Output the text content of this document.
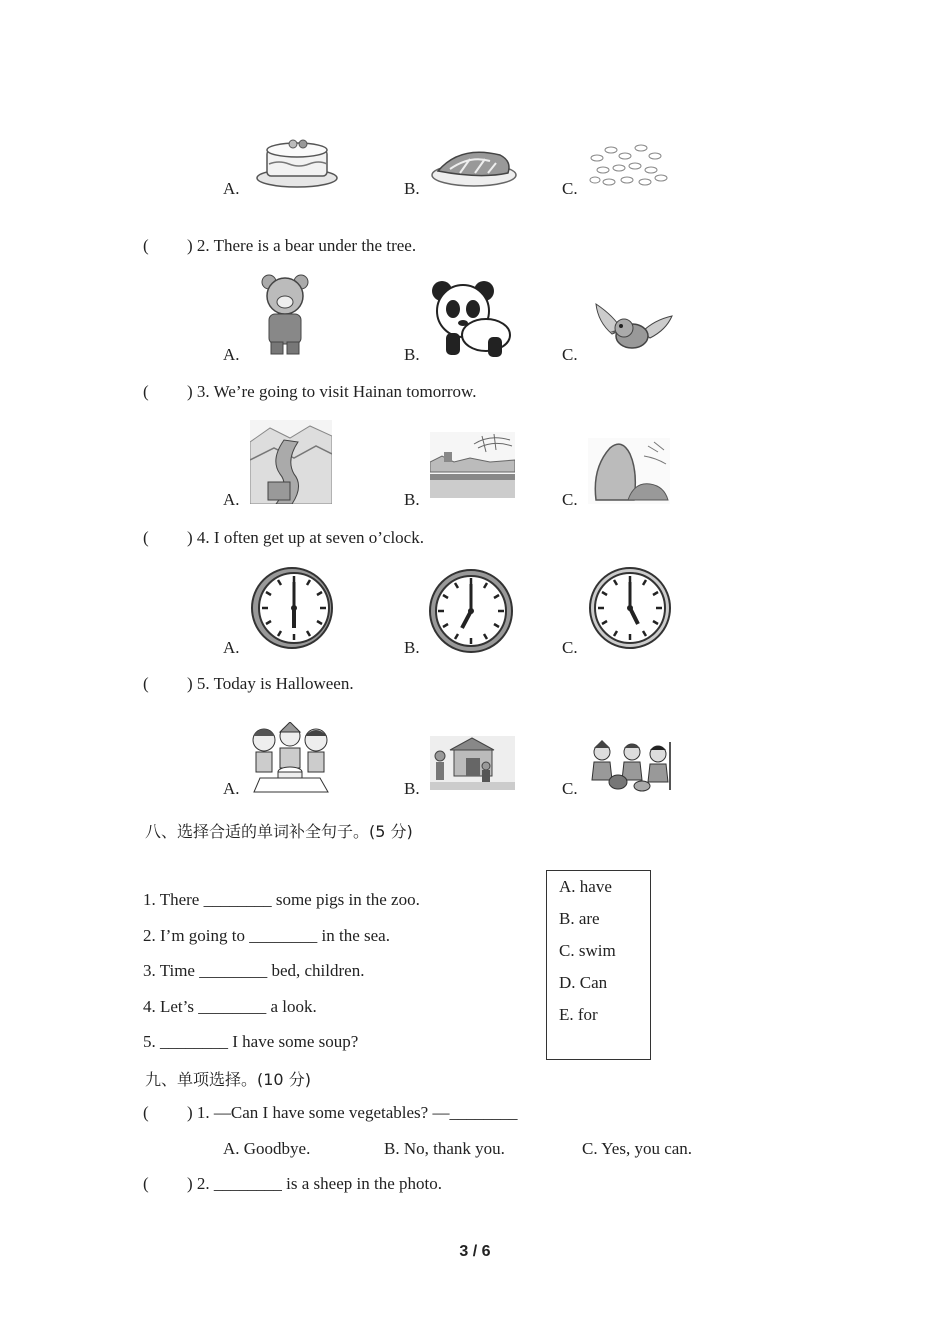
A.	B.	C.
( ) 2. There is a bear under the tree.
A.	B.	C.
( ) 3. We’re going to visit Hainan tomorrow.
A.	B.	C.
( ) 4. I often get up at seven o’clock.
A.	B.	C.
( ) 5. Today is Halloween.
A.	B.	C.
八、选择合适的单词补全句子。(5 分)
1. There ________ some pigs in the zoo.
2. I’m going to ________ in the sea.
3. Time ________ bed, children.
4. Let’s ________ a look.
5. ________ I have some soup?
A. have
B. are
C. swim
D. Can
E. for
九、单项选择。(10 分)
( ) 1. —Can I have some vegetables? —________
A. Goodbye.	B. No, thank you.	C. Yes, you can.
( ) 2. ________ is a sheep in the photo.
3 / 6
